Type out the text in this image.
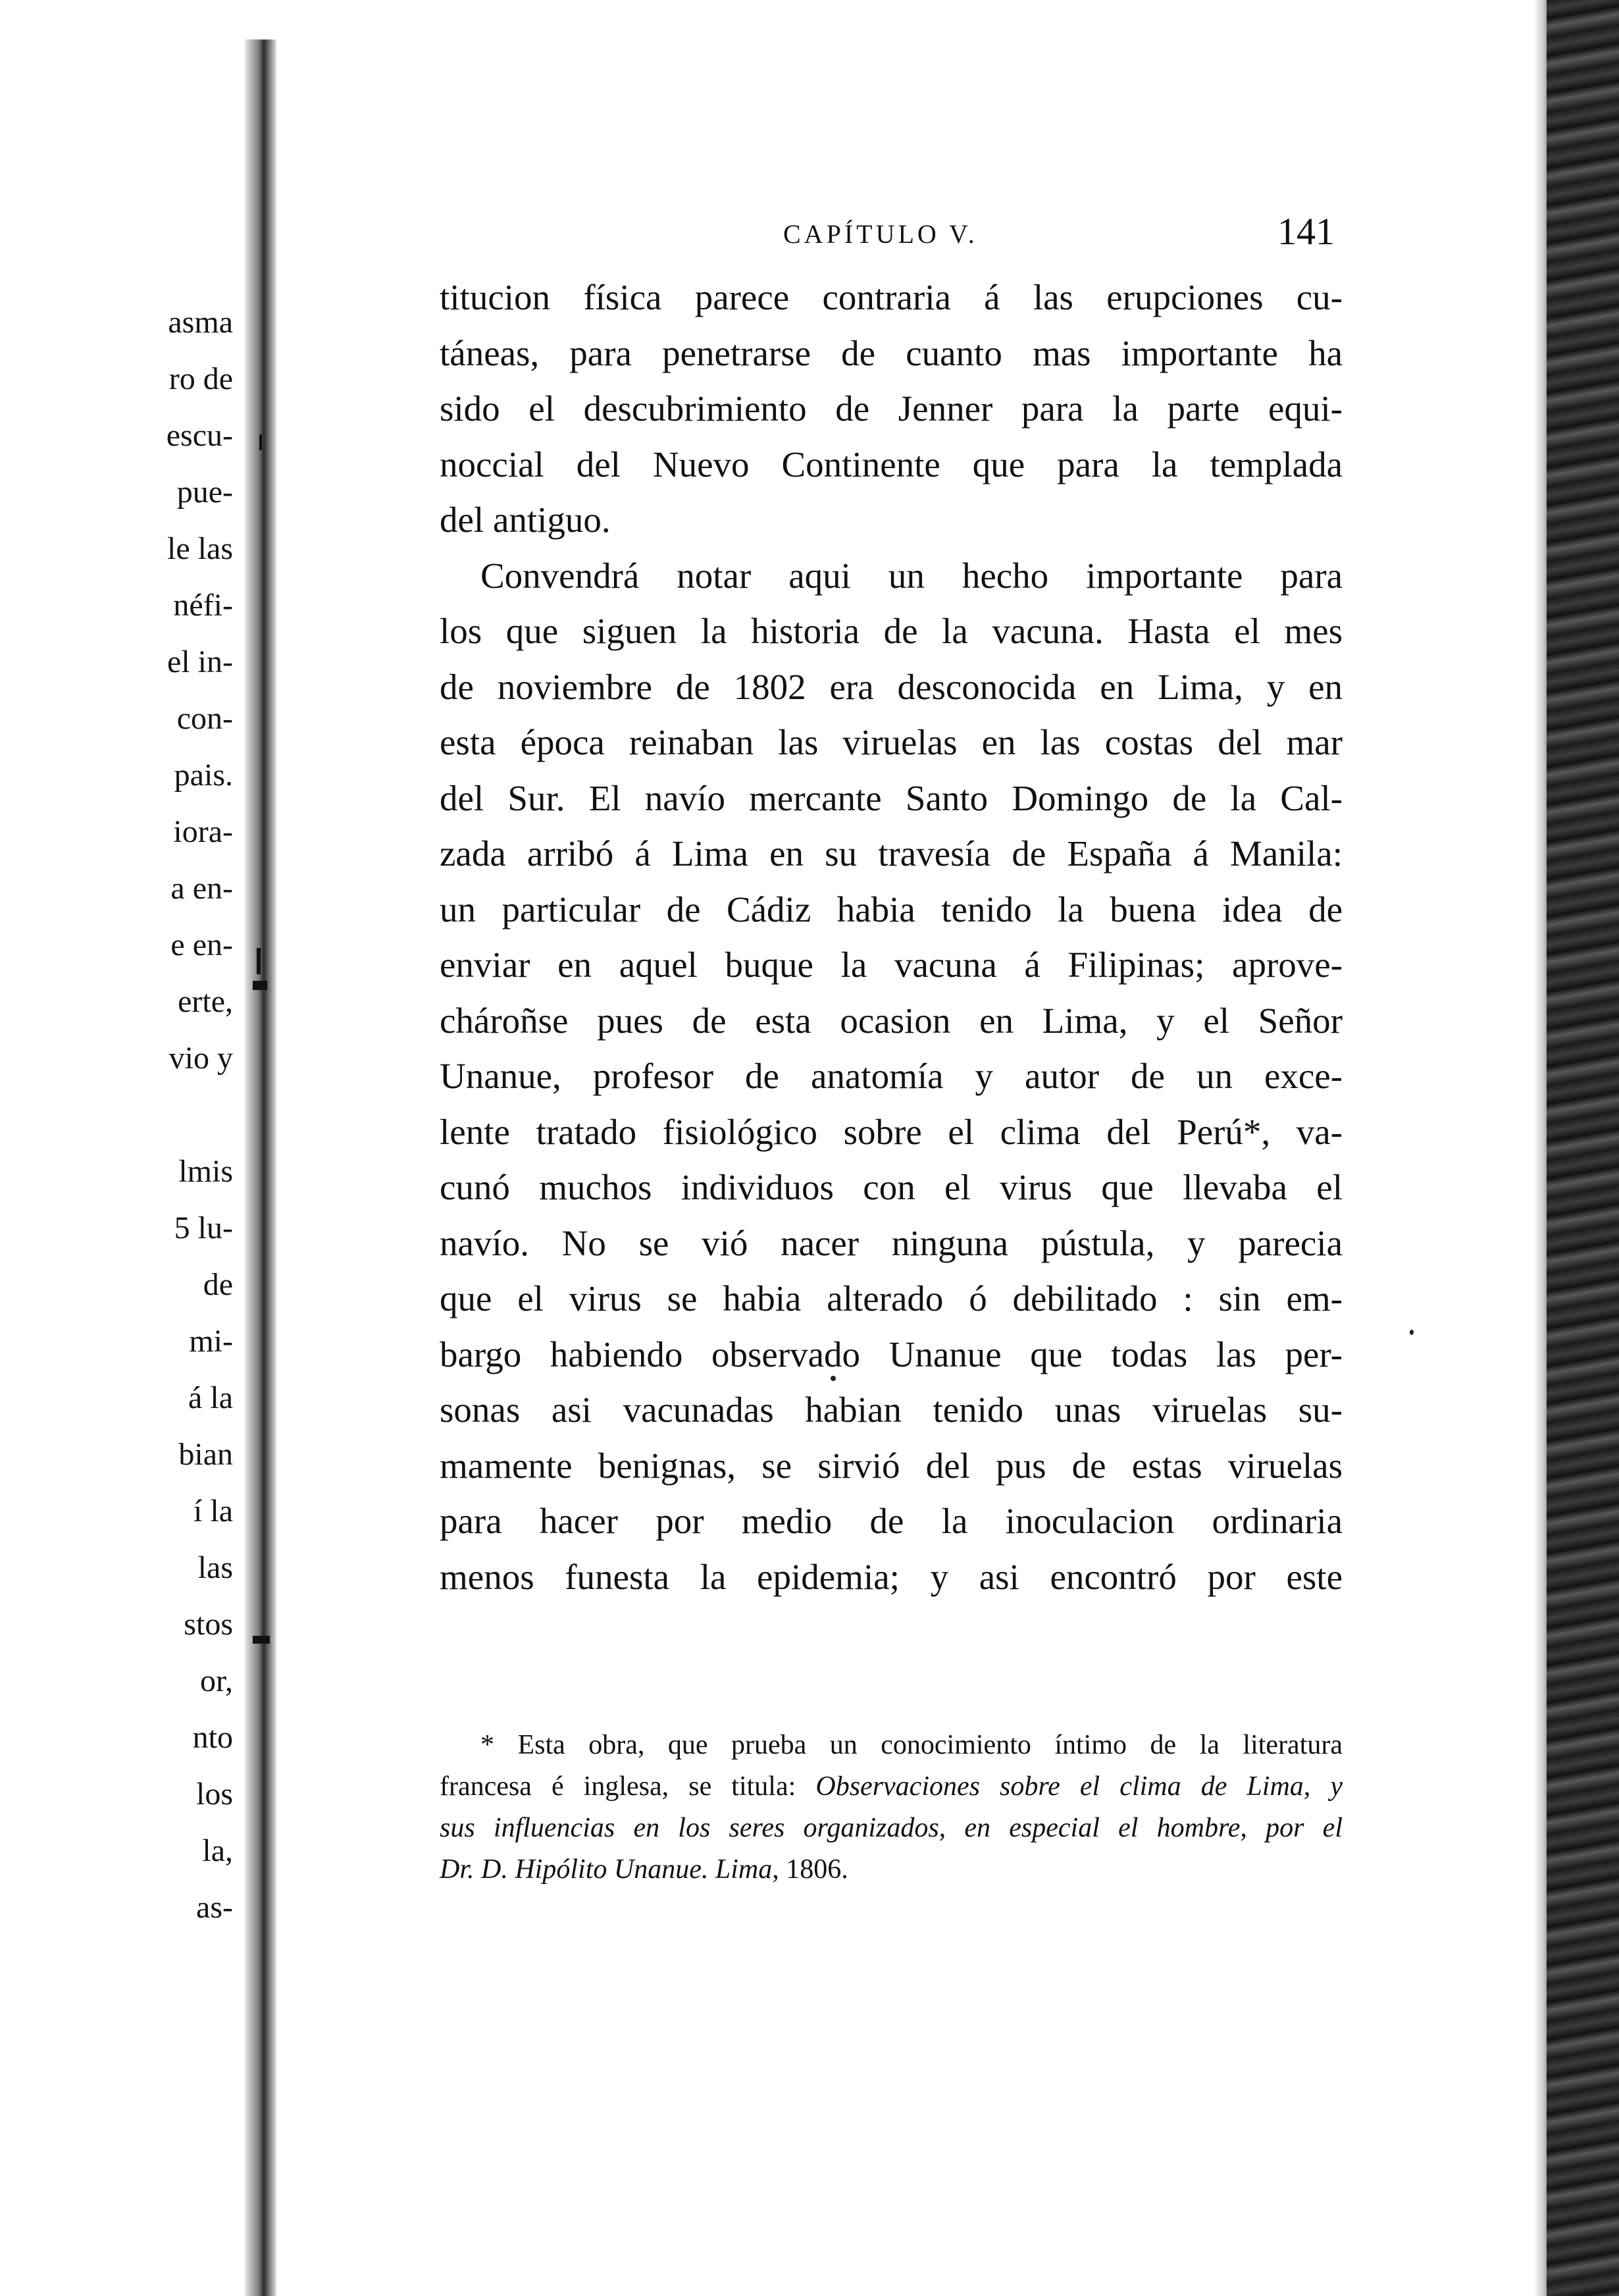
asma
ro de
escu-
pue-
le las
néfi-
el in-
con-
pais.
iora-
a en-
e en-
erte,
vio y
lmis
5 lu-
de
mi-
á la
bian
í la
las
stos
or,
nto
los
la,
as-
CAPÍTULO V.	141
titucion física parece contraria á las erupciones cu-
táneas, para penetrarse de cuanto mas importante ha
sido el descubrimiento de Jenner para la parte equi-
noccial del Nuevo Continente que para la templada
del antiguo.
Convendrá notar aqui un hecho importante para
los que siguen la historia de la vacuna. Hasta el mes
de noviembre de 1802 era desconocida en Lima, y en
esta época reinaban las viruelas en las costas del mar
del Sur. El navío mercante Santo Domingo de la Cal-
zada arribó á Lima en su travesía de España á Manila:
un particular de Cádiz habia tenido la buena idea de
enviar en aquel buque la vacuna á Filipinas; aprove-
chároñse pues de esta ocasion en Lima, y el Señor
Unanue, profesor de anatomía y autor de un exce-
lente tratado fisiológico sobre el clima del Perú*, va-
cunó muchos individuos con el virus que llevaba el
navío. No se vió nacer ninguna pústula, y parecia
que el virus se habia alterado ó debilitado : sin em-
bargo habiendo observado Unanue que todas las per-
sonas asi vacunadas habian tenido unas viruelas su-
mamente benignas, se sirvió del pus de estas viruelas
para hacer por medio de la inoculacion ordinaria
menos funesta la epidemia; y asi encontró por este
* Esta obra, que prueba un conocimiento íntimo de la literatura
francesa é inglesa, se titula: Observaciones sobre el clima de Lima, y
sus influencias en los seres organizados, en especial el hombre, por el
Dr. D. Hipólito Unanue. Lima, 1806.
